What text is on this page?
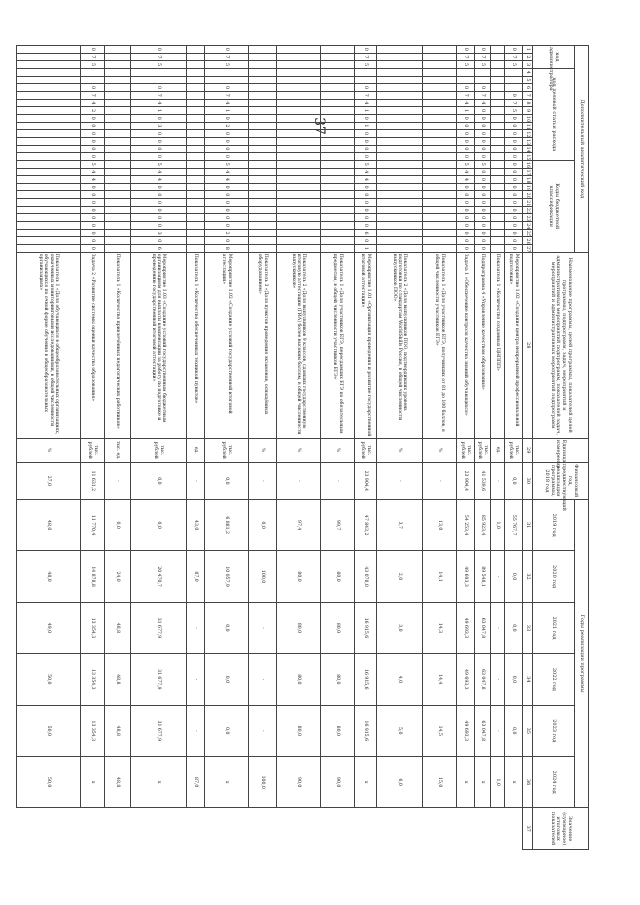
37	Дополнительный аналитический код																											Наименование программы, целей программы, показателей целей программы, подпрограмм, задач, мероприятий и административных мероприятий подпрограмм, показателей задач, мероприятий и административных мероприятий подпрограмм	Единица измерения	Финансовый год, предшествующий реализации программы, 2018 год	Годы реализации программы						Значение (суммарное) итоговых показателей
код администратора			код целевой статьи расхода												Коды бюджетной классификации															2019 год	2020 год	2021 год	2022 год	2023 год	2024 год	
1	2	3	4	5	6	7	8	9	10	11	12	13	14	15	16	17	18	19	20	21	22	23	24	25	26	27	28	29	30	31	32	33	34	35	36	37
0	7	5				0	7	5	0	0	0	0	0	0	0	0	0	0	0	0	0	0	0	0	0	0	Мероприятие 1.02 «Создание центра непрерывной профессиональной подготовки»	тыс. рублей	0,0	55 767,7	0,0	0,0	0,0	0,0	x	
																											Показатель 1 «Количество созданных ЦНППП»	ед.	-	1,0	-	-	-	-	1,0	
0	7	5			0	7	4	0	0	0	0	0	0	0	5	0	0	0	0	0	0	0	0	0	0	0	Подпрограмма 4 «Управление качеством образования»	тыс. рублей	41 539,6	85 923,4	89 548,1	63 047,8	63 047,8	63 047,8	x	
0	7	5			0	7	4	1	0	0	0	0	0	0	5	4	4	0	0	0	0	0	0	0	0	0	Задача 1 «Обеспечение контроля качества знаний обучающихся»	тыс. рублей	23 904,4	54 253,4	49 693,3	49 693,3	49 693,3	49 693,3	x	
																											Показатель 1 «Доля участников ЕГЭ, получивших от 81 до 100 баллов, в общей численности участников ЕГЭ»	%	-	13,0	14,1	14,3	14,4	14,5	15,0	
																											Показатель 2 «Доля выпускников ПОО, подтвердивших уровень подготовки по стандартам WorldSkills Россия, в общей численности выпускников ПОО»	%	-	3,7	2,0	3,0	4,0	5,0	6,0	
0	7	5			0	7	4	1	0	1	0	0	0	0	5	4	4	0	0	0	0	0	0	6	0	1	Мероприятие 1.01 «Организация проведения и развитие государственной итоговой аттестации»	тыс. рублей	23 904,4	47 843,2	43 078,0	16 915,6	16 915,6	16 915,6	x	
																											Показатель 1 «Доля участников ЕГЭ, пересдавших ЕГЭ по обязательным предметам, в общей численности участников ЕГЭ»	%	-	99,7	80,0	80,0	80,0	80,0	90,0	
																											Показатель 2 «Доля выпускников 9 классов, сдавших государственную итоговую аттестацию (ГИА) более высоким баллом, в общей численности выпускников»	%	-	97,4	80,0	80,0	80,0	80,0	90,0	
																											Показатель 3 «Доля пунктов проведения экзаменов, оснащённых оборудованием»	%	-	0,0	100,0	-	-	-	100,0	
0	7	5			0	7	4	1	0	2	0	0	0	0	5	4	4	0	0	0	0	0	0	2	0	8	Мероприятие 1.02 «Создание условий государственной итоговой аттестации»	тыс. рублей	0,0	6 881,2	10 057,9	0,0	0,0	0,0	x	
																											Показатель 1 «Количество обеспеченных техникой пунктов»	ед.	-	43,0	87,0	-	-	-	87,0	
0	7	5			0	7	4	1	0	3	0	0	0	0	5	4	4	0	0	0	0	0	0	3	0	6	Мероприятие 1.03 «Создание условий государственным бюджетным организациям для выплаты компенсации за работу по подготовке и проведению государственной итоговой аттестации»	тыс. рублей	0,0	0,0	20 470,7	31 677,9	31 677,9	31 677,9	x	
																											Показатель 1 «Количество привлечённых педагогических работников»	тыс. ед.	-	0,0	24,0	48,8	48,8	48,8	48,8	
0	7	5			0	7	4	2	0	0	0	0	0	0	5	4	4	0	0	0	0	0	0	0	0	0	Задача 2 «Развитие системы оценки качества образования»	тыс. рублей	11 631,2	11 770,4	14 878,8	13 354,3	13 354,3	13 354,3	x	
																											Показатель 1 «Доля обучающихся в общеобразовательных организациях, охваченных мониторинговыми исследованиями, в общей численности обучающихся по очной форме обучения в общеобразовательных организациях»	%	27,0	48,0	48,0	49,0	50,0	50,0	50,0	
